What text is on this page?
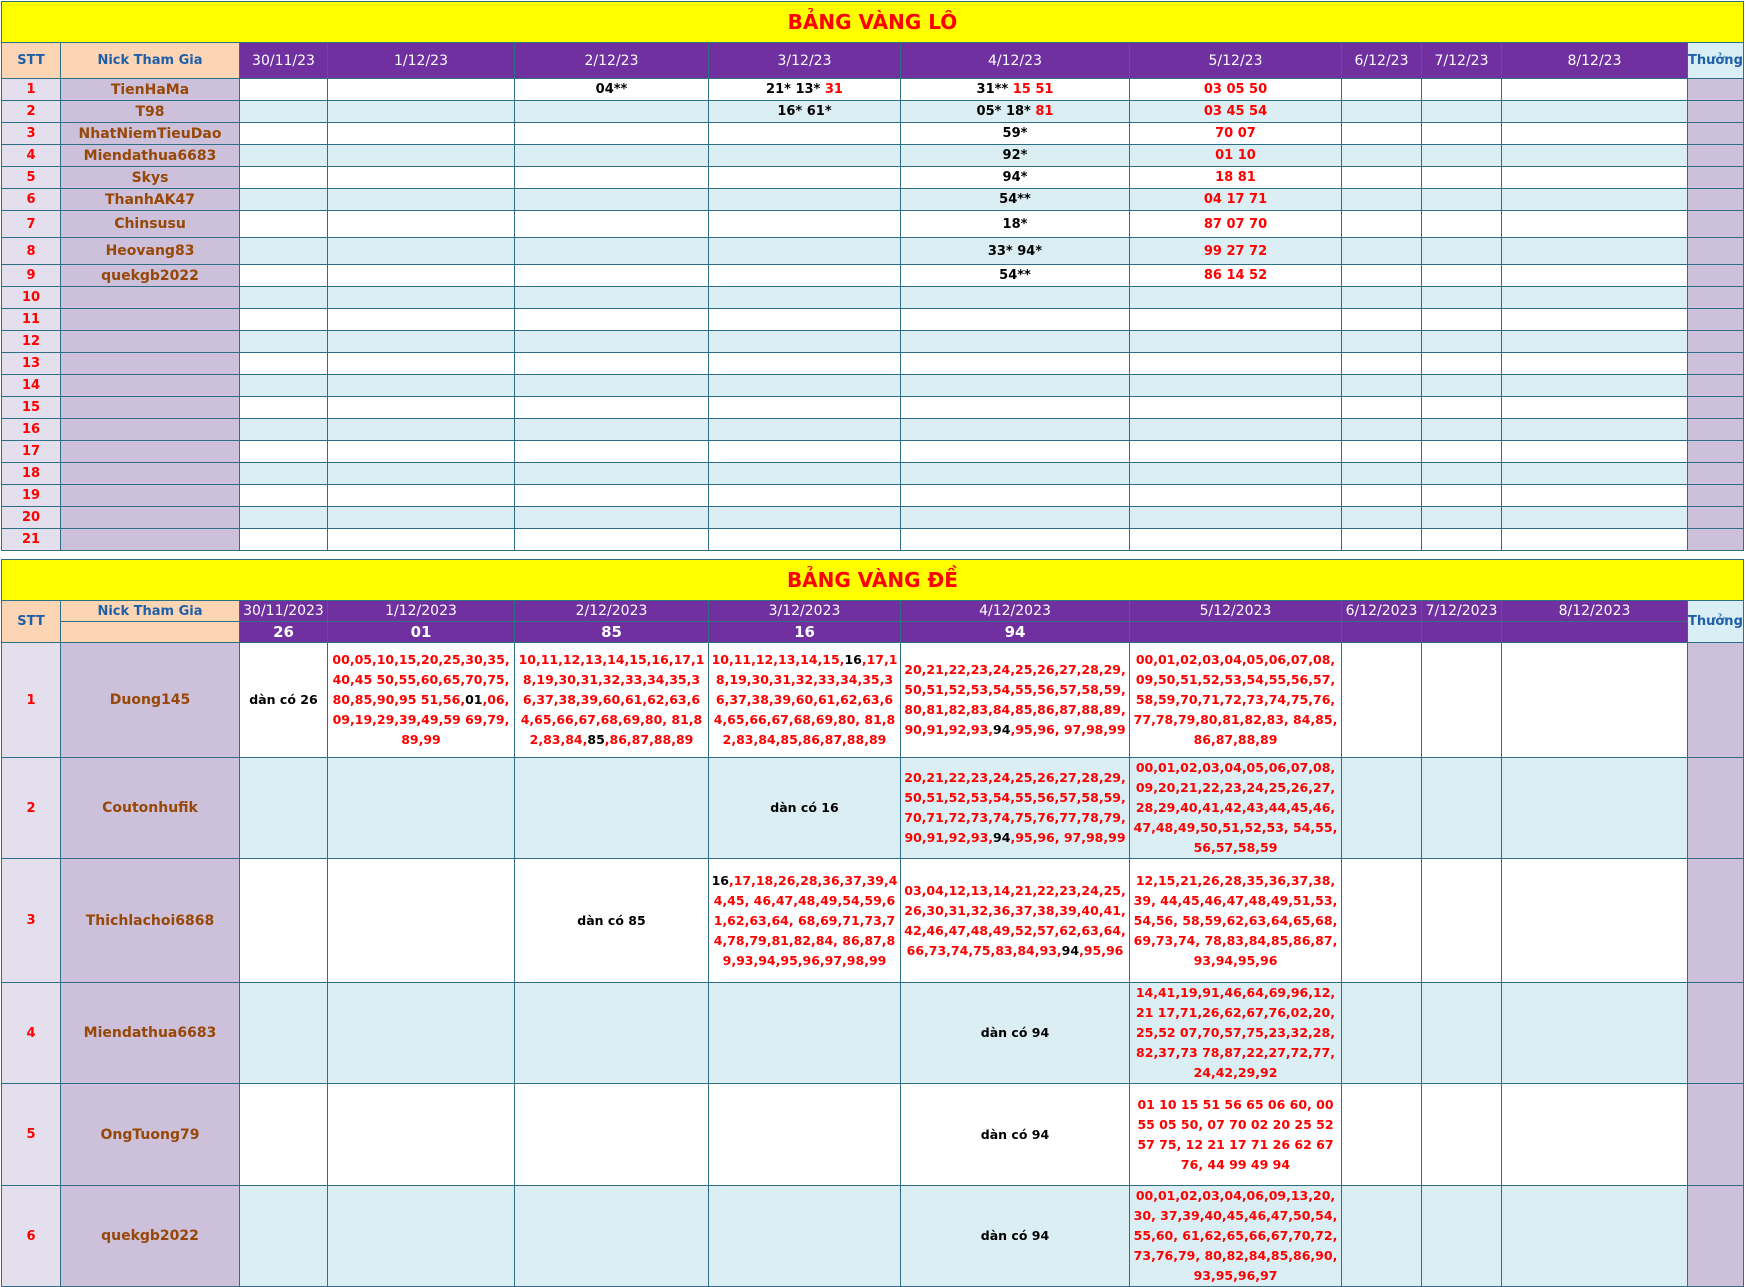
BẢNG VÀNG LÔ											
STT	Nick Tham Gia	30/11/23	1/12/23	2/12/23	3/12/23	4/12/23	5/12/23	6/12/23	7/12/23	8/12/23	Thưởng
1	TienHaMa			04**	21* 13* 31	31** 15 51	03 05 50				
2	T98				16* 61*	05* 18* 81	03 45 54				
3	NhatNiemTieuDao					59*	70 07				
4	Miendathua6683					92*	01 10				
5	Skys					94*	18 81				
6	ThanhAK47					54**	04 17 71				
7	Chinsusu					18*	87 07 70				
8	Heovang83					33* 94*	99 27 72				
9	quekgb2022					54**	86 14 52				
10											
11											
12											
13											
14											
15											
16											
17											
18											
19											
20											
21											
BẢNG VÀNG ĐỀ											
STT	Nick Tham Gia	30/11/2023	1/12/2023	2/12/2023	3/12/2023	4/12/2023	5/12/2023	6/12/2023	7/12/2023	8/12/2023	Thưởng
		26	01	85	16	94					
1	Duong145	dàn có 26	00,05,10,15,20,25,30,35,40,45 50,55,60,65,70,75,80,85,90,95 51,56,01,06,09,19,29,39,49,59 69,79,89,99	10,11,12,13,14,15,16,17,18,19,30,31,32,33,34,35,36,37,38,39,60,61,62,63,64,65,66,67,68,69,80, 81,82,83,84,85,86,87,88,89	10,11,12,13,14,15,16,17,18,19,30,31,32,33,34,35,36,37,38,39,60,61,62,63,64,65,66,67,68,69,80, 81,82,83,84,85,86,87,88,89	20,21,22,23,24,25,26,27,28,29,50,51,52,53,54,55,56,57,58,59,80,81,82,83,84,85,86,87,88,89,90,91,92,93,94,95,96, 97,98,99	00,01,02,03,04,05,06,07,08,09,50,51,52,53,54,55,56,57,58,59,70,71,72,73,74,75,76,77,78,79,80,81,82,83, 84,85,86,87,88,89				
2	Coutonhufik				dàn có 16	20,21,22,23,24,25,26,27,28,29,50,51,52,53,54,55,56,57,58,59,70,71,72,73,74,75,76,77,78,79,90,91,92,93,94,95,96, 97,98,99	00,01,02,03,04,05,06,07,08,09,20,21,22,23,24,25,26,27,28,29,40,41,42,43,44,45,46,47,48,49,50,51,52,53, 54,55,56,57,58,59				
3	Thichlachoi6868			dàn có 85	16,17,18,26,28,36,37,39,44,45, 46,47,48,49,54,59,61,62,63,64, 68,69,71,73,74,78,79,81,82,84, 86,87,89,93,94,95,96,97,98,99	03,04,12,13,14,21,22,23,24,25, 26,30,31,32,36,37,38,39,40,41, 42,46,47,48,49,52,57,62,63,64, 66,73,74,75,83,84,93,94,95,96	12,15,21,26,28,35,36,37,38,39, 44,45,46,47,48,49,51,53,54,56, 58,59,62,63,64,65,68,69,73,74, 78,83,84,85,86,87,93,94,95,96				
4	Miendathua6683					dàn có 94	14,41,19,91,46,64,69,96,12,21 17,71,26,62,67,76,02,20,25,52 07,70,57,75,23,32,28,82,37,73 78,87,22,27,72,77,24,42,29,92				
5	OngTuong79					dàn có 94	01 10 15 51 56 65 06 60, 00 55 05 50, 07 70 02 20 25 52 57 75, 12 21 17 71 26 62 67 76, 44 99 49 94				
6	quekgb2022					dàn có 94	00,01,02,03,04,06,09,13,20,30, 37,39,40,45,46,47,50,54,55,60, 61,62,65,66,67,70,72,73,76,79, 80,82,84,85,86,90,93,95,96,97				
